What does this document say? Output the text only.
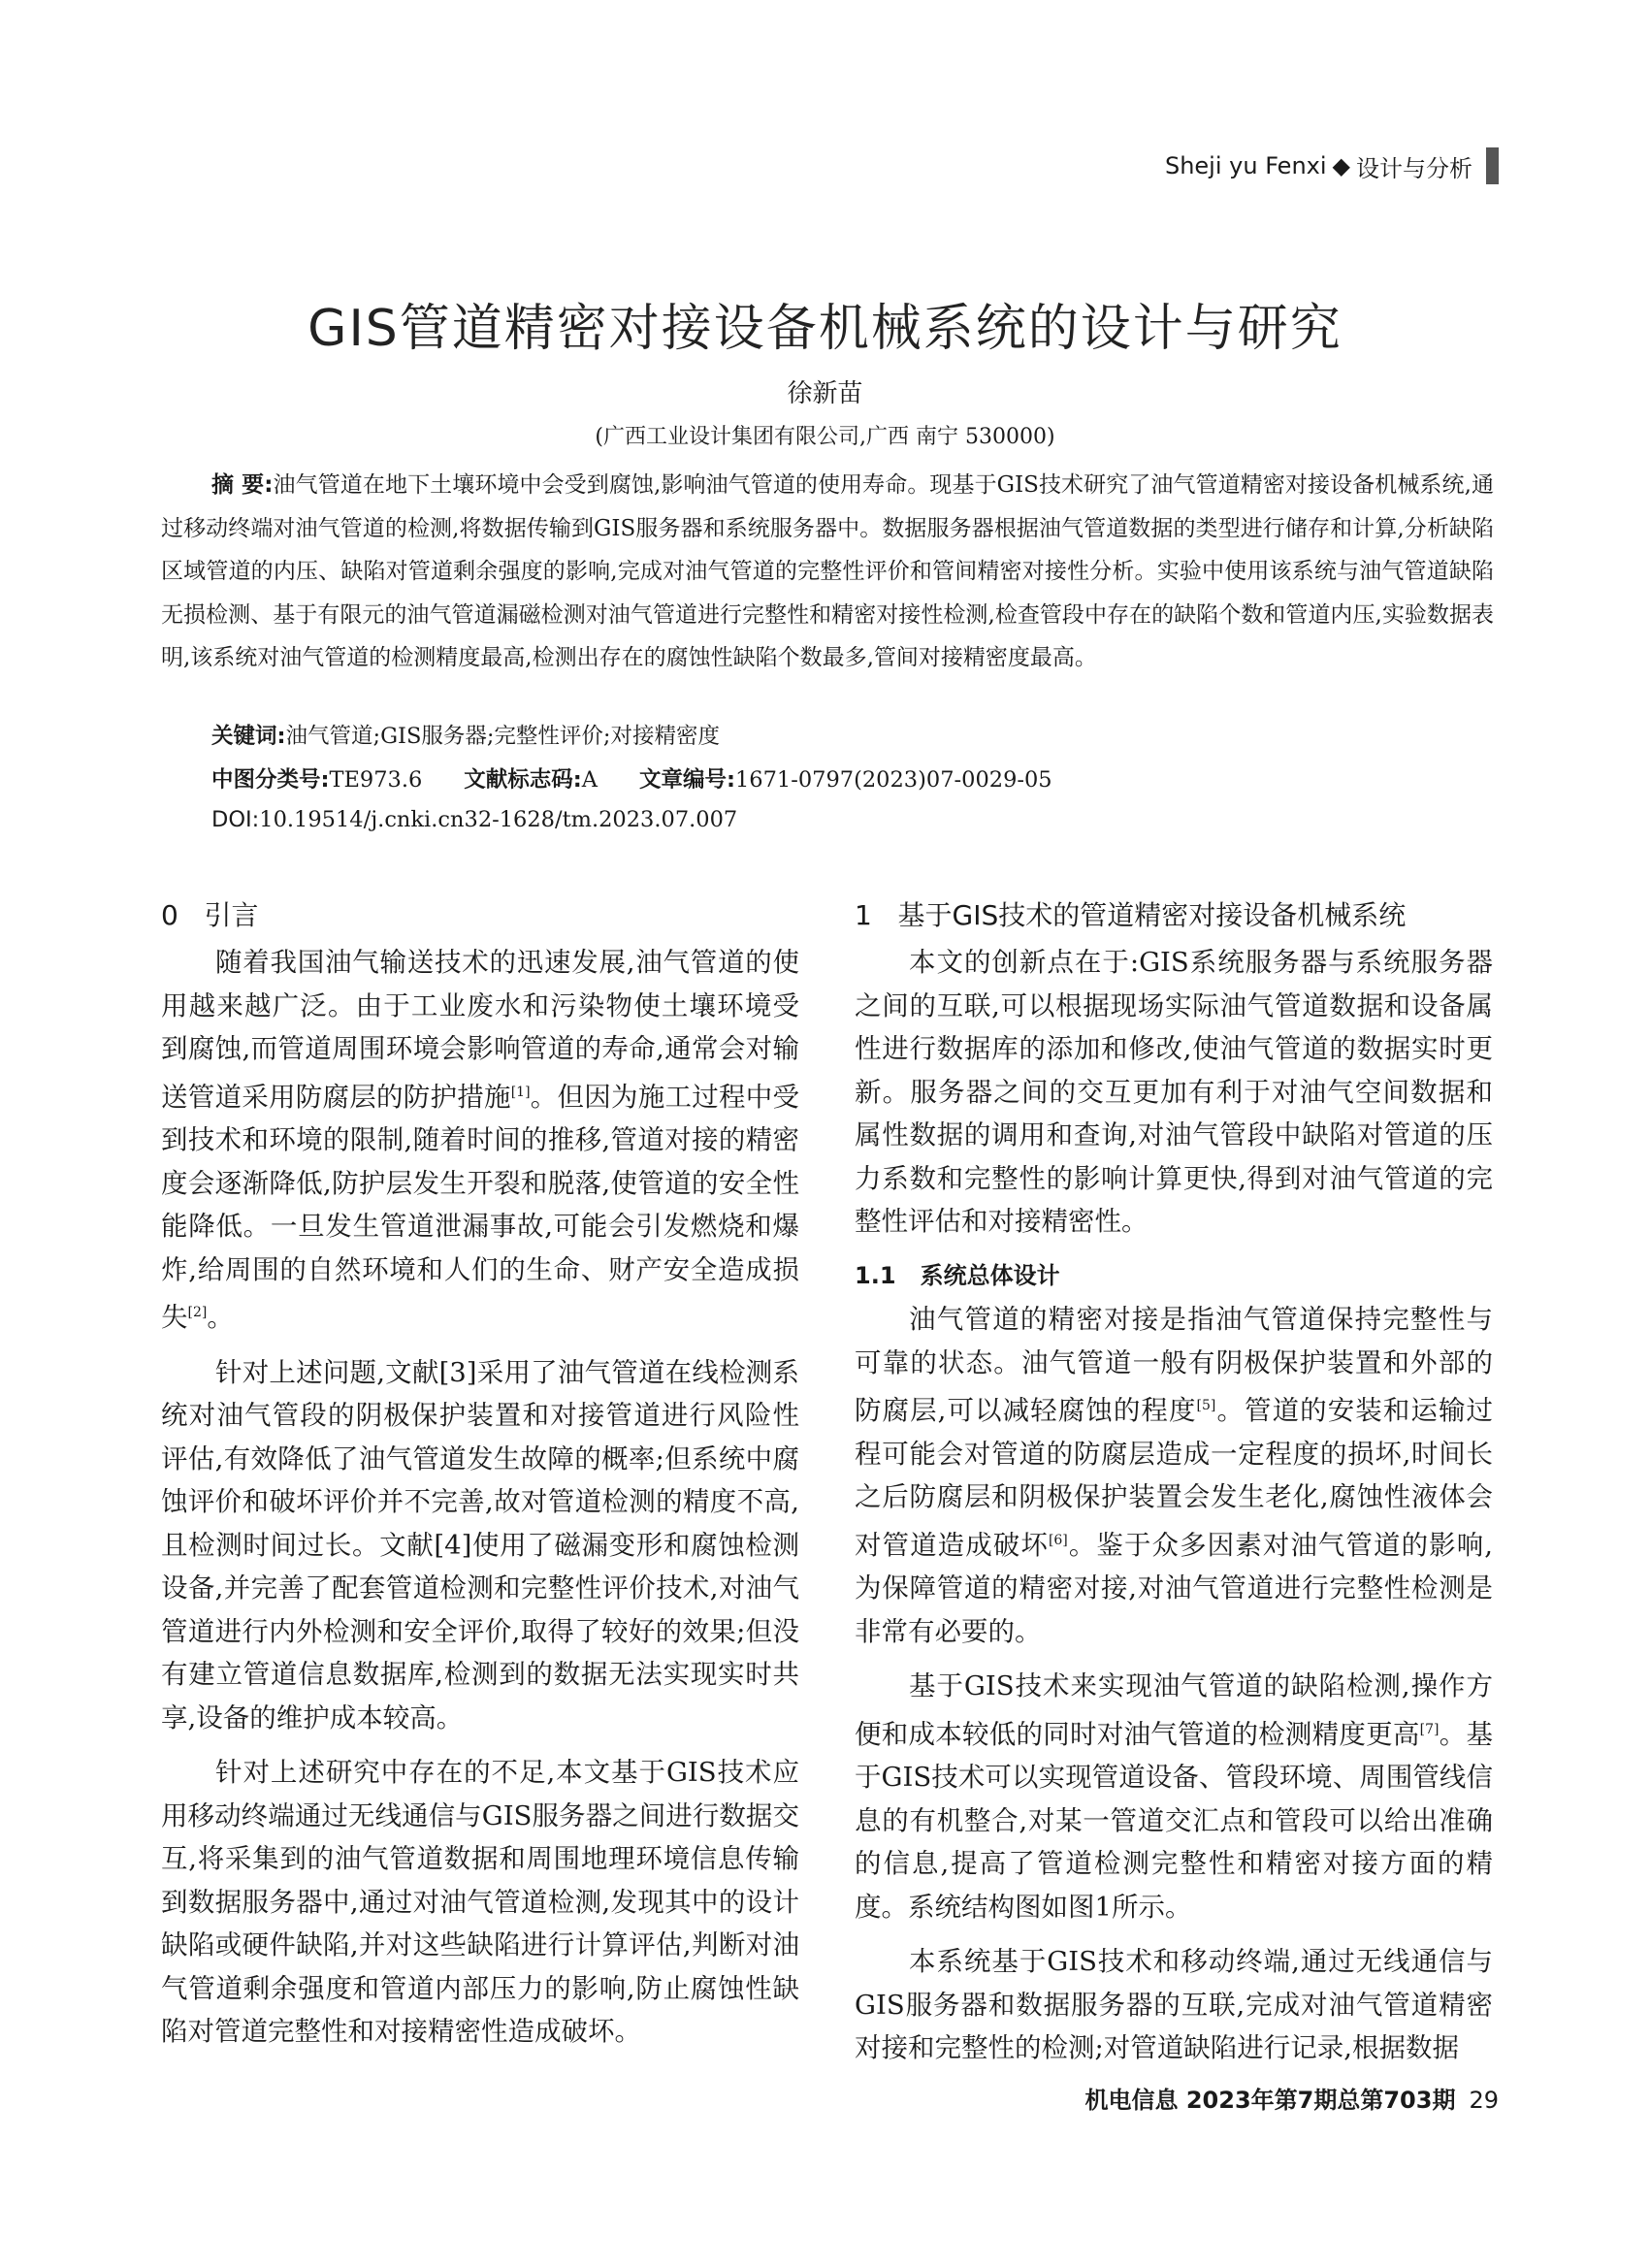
Sheji yu Fenxi ◆ 设计与分析
GIS管道精密对接设备机械系统的设计与研究
徐新苗
(广西工业设计集团有限公司,广西 南宁 530000)
摘 要:油气管道在地下土壤环境中会受到腐蚀,影响油气管道的使用寿命。现基于GIS技术研究了油气管道精密对接设备机械系统,通过移动终端对油气管道的检测,将数据传输到GIS服务器和系统服务器中。数据服务器根据油气管道数据的类型进行储存和计算,分析缺陷区域管道的内压、缺陷对管道剩余强度的影响,完成对油气管道的完整性评价和管间精密对接性分析。实验中使用该系统与油气管道缺陷无损检测、基于有限元的油气管道漏磁检测对油气管道进行完整性和精密对接性检测,检查管段中存在的缺陷个数和管道内压,实验数据表明,该系统对油气管道的检测精度最高,检测出存在的腐蚀性缺陷个数最多,管间对接精密度最高。
关键词:油气管道;GIS服务器;完整性评价;对接精密度
中图分类号:TE973.6 文献标志码:A 文章编号:1671-0797(2023)07-0029-05
DOI:10.19514/j.cnki.cn32-1628/tm.2023.07.007
0 引言

随着我国油气输送技术的迅速发展,油气管道的使用越来越广泛。由于工业废水和污染物使土壤环境受到腐蚀,而管道周围环境会影响管道的寿命,通常会对输送管道采用防腐层的防护措施[1]。但因为施工过程中受到技术和环境的限制,随着时间的推移,管道对接的精密度会逐渐降低,防护层发生开裂和脱落,使管道的安全性能降低。一旦发生管道泄漏事故,可能会引发燃烧和爆炸,给周围的自然环境和人们的生命、财产安全造成损失[2]。

针对上述问题,文献[3]采用了油气管道在线检测系统对油气管段的阴极保护装置和对接管道进行风险性评估,有效降低了油气管道发生故障的概率;但系统中腐蚀评价和破坏评价并不完善,故对管道检测的精度不高,且检测时间过长。文献[4]使用了磁漏变形和腐蚀检测设备,并完善了配套管道检测和完整性评价技术,对油气管道进行内外检测和安全评价,取得了较好的效果;但没有建立管道信息数据库,检测到的数据无法实现实时共享,设备的维护成本较高。

针对上述研究中存在的不足,本文基于GIS技术应用移动终端通过无线通信与GIS服务器之间进行数据交互,将采集到的油气管道数据和周围地理环境信息传输到数据服务器中,通过对油气管道检测,发现其中的设计缺陷或硬件缺陷,并对这些缺陷进行计算评估,判断对油气管道剩余强度和管道内部压力的影响,防止腐蚀性缺陷对管道完整性和对接精密性造成破坏。

1 基于GIS技术的管道精密对接设备机械系统

本文的创新点在于:GIS系统服务器与系统服务器之间的互联,可以根据现场实际油气管道数据和设备属性进行数据库的添加和修改,使油气管道的数据实时更新。服务器之间的交互更加有利于对油气空间数据和属性数据的调用和查询,对油气管段中缺陷对管道的压力系数和完整性的影响计算更快,得到对油气管道的完整性评估和对接精密性。

1.1 系统总体设计

油气管道的精密对接是指油气管道保持完整性与可靠的状态。油气管道一般有阴极保护装置和外部的防腐层,可以减轻腐蚀的程度[5]。管道的安装和运输过程可能会对管道的防腐层造成一定程度的损坏,时间长之后防腐层和阴极保护装置会发生老化,腐蚀性液体会对管道造成破坏[6]。鉴于众多因素对油气管道的影响,为保障管道的精密对接,对油气管道进行完整性检测是非常有必要的。

基于GIS技术来实现油气管道的缺陷检测,操作方便和成本较低的同时对油气管道的检测精度更高[7]。基于GIS技术可以实现管道设备、管段环境、周围管线信息的有机整合,对某一管道交汇点和管段可以给出准确的信息,提高了管道检测完整性和精密对接方面的精度。系统结构图如图1所示。

本系统基于GIS技术和移动终端,通过无线通信与GIS服务器和数据服务器的互联,完成对油气管道精密对接和完整性的检测;对管道缺陷进行记录,根据数据

机电信息 2023年第7期总第703期 29
